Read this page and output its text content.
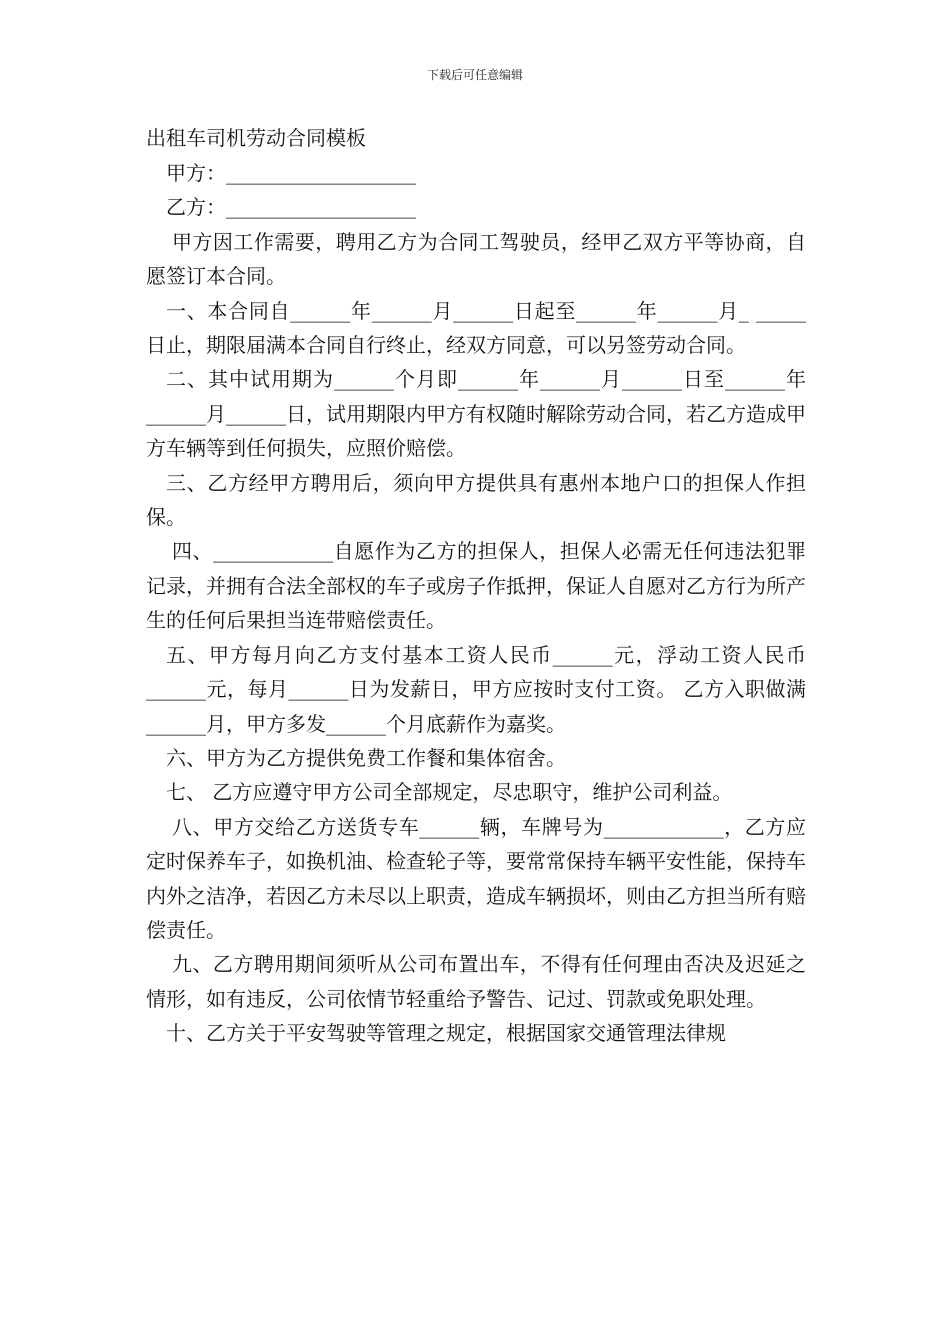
下载后可任意编辑
出租车司机劳动合同模板

甲方：___________________

乙方：___________________

甲方因工作需要，聘用乙方为合同工驾驶员，经甲乙双方平等协商，自愿签订本合同。

一、本合同自______年______月______日起至______年______月_ _____日止，期限届满本合同自行终止，经双方同意，可以另签劳动合同。

二、其中试用期为______个月即______年______月______日至______年______月______日，试用期限内甲方有权随时解除劳动合同，若乙方造成甲方车辆等到任何损失，应照价赔偿。

三、乙方经甲方聘用后，须向甲方提供具有惠州本地户口的担保人作担保。

四、____________自愿作为乙方的担保人，担保人必需无任何违法犯罪记录，并拥有合法全部权的车子或房子作抵押，保证人自愿对乙方行为所产生的任何后果担当连带赔偿责任。

五、甲方每月向乙方支付基本工资人民币______元，浮动工资人民币______元，每月______日为发薪日，甲方应按时支付工资。 乙方入职做满______月，甲方多发______个月底薪作为嘉奖。

六、甲方为乙方提供免费工作餐和集体宿舍。

七、 乙方应遵守甲方公司全部规定，尽忠职守，维护公司利益。

八、甲方交给乙方送货专车______辆，车牌号为____________，乙方应定时保养车子，如换机油、检查轮子等，要常常保持车辆平安性能，保持车内外之洁净，若因乙方未尽以上职责，造成车辆损坏，则由乙方担当所有赔偿责任。

九、乙方聘用期间须听从公司布置出车，不得有任何理由否决及迟延之情形，如有违反，公司依情节轻重给予警告、记过、罚款或免职处理。

十、乙方关于平安驾驶等管理之规定，根据国家交通管理法律规
